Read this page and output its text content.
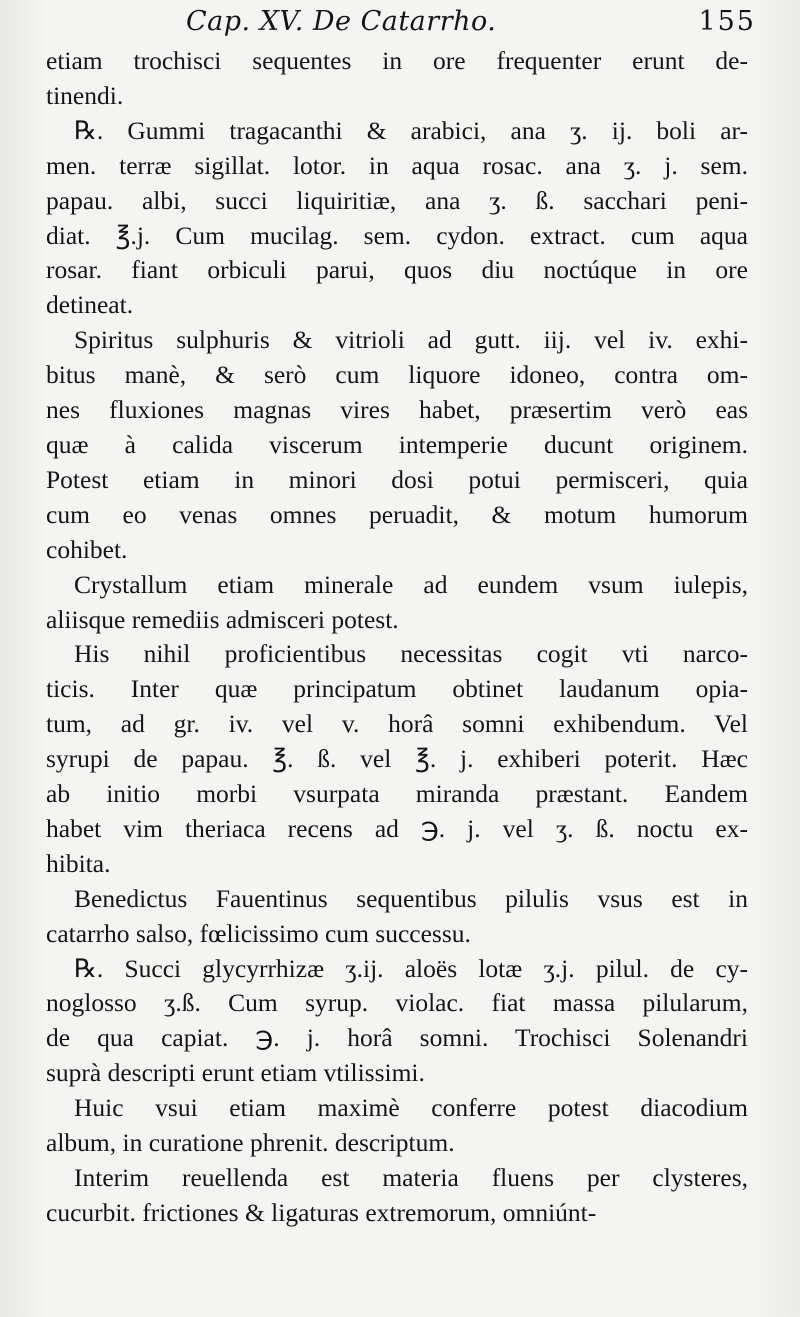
Cap. XV. De Catarrho.	155
etiam trochisci sequentes in ore frequenter erunt de-
tinendi.
℞. Gummi tragacanthi & arabici, ana ʒ. ij. boli ar-
men. terræ sigillat. lotor. in aqua rosac. ana ʒ. j. sem.
papau. albi, succi liquiritiæ, ana ʒ. ß. sacchari peni-
diat. ℥.j. Cum mucilag. sem. cydon. extract. cum aqua
rosar. fiant orbiculi parui, quos diu noctúque in ore
detineat.
Spiritus sulphuris & vitrioli ad gutt. iij. vel iv. exhi-
bitus manè, & serò cum liquore idoneo, contra om-
nes fluxiones magnas vires habet, præsertim verò eas
quæ à calida viscerum intemperie ducunt originem.
Potest etiam in minori dosi potui permisceri, quia
cum eo venas omnes peruadit, & motum humorum
cohibet.
Crystallum etiam minerale ad eundem vsum iulepis,
aliisque remediis admisceri potest.
His nihil proficientibus necessitas cogit vti narco-
ticis. Inter quæ principatum obtinet laudanum opia-
tum, ad gr. iv. vel v. horâ somni exhibendum. Vel
syrupi de papau. ℥. ß. vel ℥. j. exhiberi poterit. Hæc
ab initio morbi vsurpata miranda præstant. Eandem
habet vim theriaca recens ad ℈. j. vel ʒ. ß. noctu ex-
hibita.
Benedictus Fauentinus sequentibus pilulis vsus est in
catarrho salso, fœlicissimo cum successu.
℞. Succi glycyrrhizæ ʒ.ij. aloës lotæ ʒ.j. pilul. de cy-
noglosso ʒ.ß. Cum syrup. violac. fiat massa pilularum,
de qua capiat. ℈. j. horâ somni. Trochisci Solenandri
suprà descripti erunt etiam vtilissimi.
Huic vsui etiam maximè conferre potest diacodium
album, in curatione phrenit. descriptum.
Interim reuellenda est materia fluens per clysteres,
cucurbit. frictiones & ligaturas extremorum, omniúnt-
